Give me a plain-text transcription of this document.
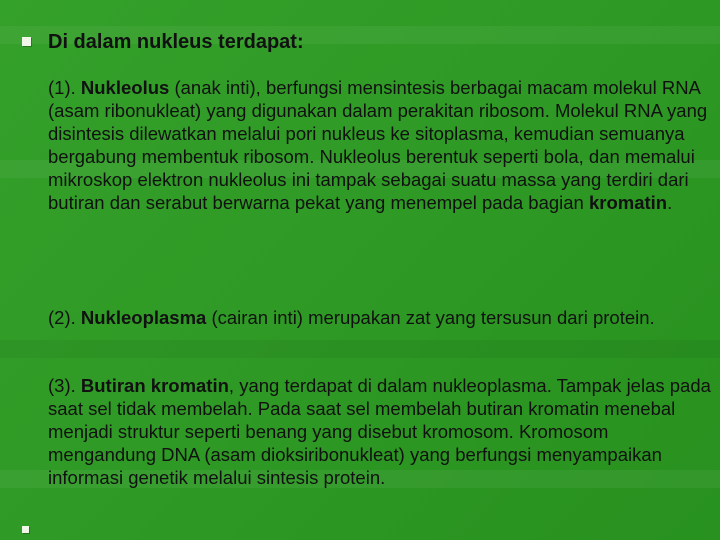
Di dalam nukleus terdapat:

(1). Nukleolus (anak inti), berfungsi mensintesis berbagai macam molekul RNA (asam ribonukleat) yang digunakan dalam perakitan ribosom. Molekul RNA yang disintesis dilewatkan melalui pori nukleus ke sitoplasma, kemudian semuanya bergabung membentuk ribosom. Nukleolus berentuk seperti bola, dan memalui mikroskop elektron nukleolus ini tampak sebagai suatu massa yang terdiri dari butiran dan serabut berwarna pekat yang menempel pada bagian kromatin.

(2). Nukleoplasma (cairan inti) merupakan zat yang tersusun dari protein.

(3). Butiran kromatin, yang terdapat di dalam nukleoplasma. Tampak jelas pada saat sel tidak membelah. Pada saat sel membelah butiran kromatin menebal menjadi struktur seperti benang yang disebut kromosom. Kromosom mengandung DNA (asam dioksiribonukleat) yang berfungsi menyampaikan informasi genetik melalui sintesis protein.
